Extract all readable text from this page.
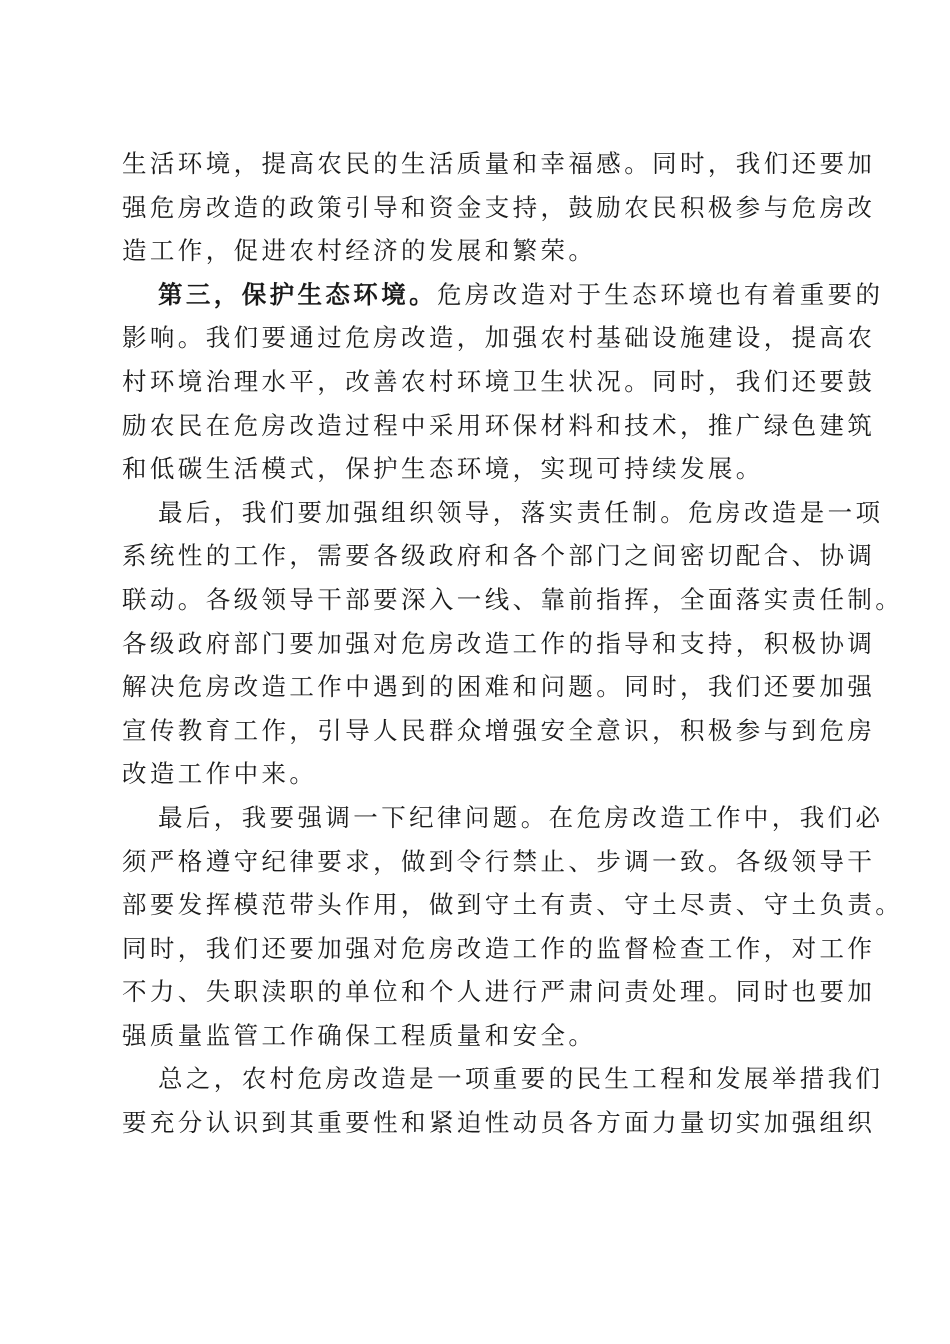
生活环境，提高农民的生活质量和幸福感。同时，我们还要加
强危房改造的政策引导和资金支持，鼓励农民积极参与危房改
造工作，促进农村经济的发展和繁荣。

第三，保护生态环境。危房改造对于生态环境也有着重要的
影响。我们要通过危房改造，加强农村基础设施建设，提高农
村环境治理水平，改善农村环境卫生状况。同时，我们还要鼓
励农民在危房改造过程中采用环保材料和技术，推广绿色建筑
和低碳生活模式，保护生态环境，实现可持续发展。

最后，我们要加强组织领导，落实责任制。危房改造是一项
系统性的工作，需要各级政府和各个部门之间密切配合、协调
联动。各级领导干部要深入一线、靠前指挥，全面落实责任制。
各级政府部门要加强对危房改造工作的指导和支持，积极协调
解决危房改造工作中遇到的困难和问题。同时，我们还要加强
宣传教育工作，引导人民群众增强安全意识，积极参与到危房
改造工作中来。

最后，我要强调一下纪律问题。在危房改造工作中，我们必
须严格遵守纪律要求，做到令行禁止、步调一致。各级领导干
部要发挥模范带头作用，做到守土有责、守土尽责、守土负责。
同时，我们还要加强对危房改造工作的监督检查工作，对工作
不力、失职渎职的单位和个人进行严肃问责处理。同时也要加
强质量监管工作确保工程质量和安全。

总之，农村危房改造是一项重要的民生工程和发展举措我们
要充分认识到其重要性和紧迫性动员各方面力量切实加强组织
